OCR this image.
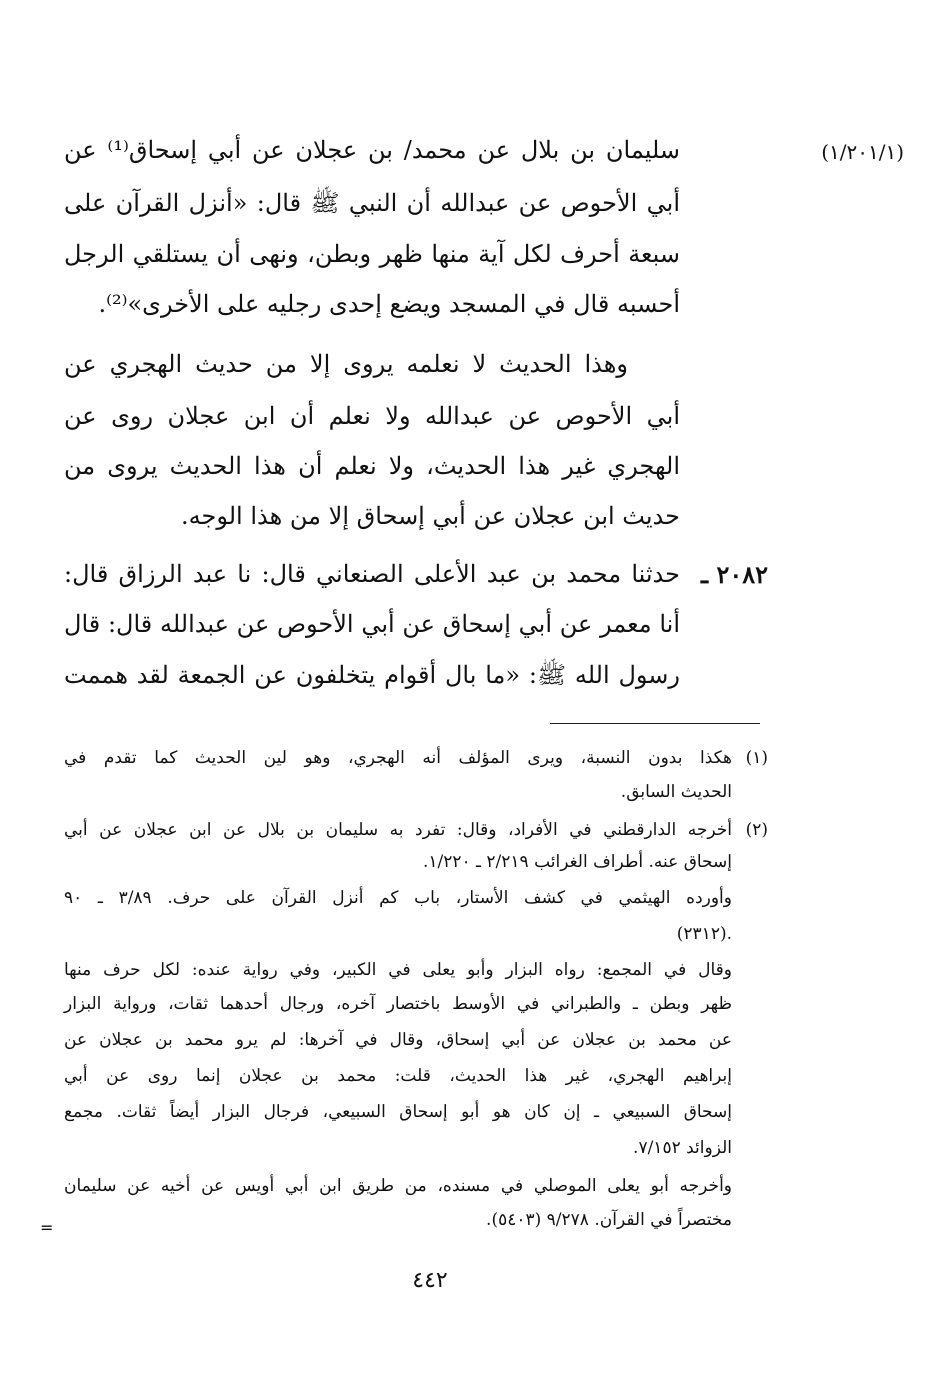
(١/٢٠١/١)
سليمان بن بلال عن محمد/ بن عجلان عن أبي إسحاق⁽¹⁾ عن
أبي الأحوص عن عبدالله أن النبي ﷺ قال: «أنزل القرآن على
سبعة أحرف لكل آية منها ظهر وبطن، ونهى أن يستلقي الرجل
أحسبه قال في المسجد ويضع إحدى رجليه على الأخرى»⁽²⁾.
وهذا الحديث لا نعلمه يروى إلا من حديث الهجري عن
أبي الأحوص عن عبدالله ولا نعلم أن ابن عجلان روى عن
الهجري غير هذا الحديث، ولا نعلم أن هذا الحديث يروى من
حديث ابن عجلان عن أبي إسحاق إلا من هذا الوجه.
٢٠٨٢ ـ
حدثنا محمد بن عبد الأعلى الصنعاني قال: نا عبد الرزاق قال:
أنا معمر عن أبي إسحاق عن أبي الأحوص عن عبدالله قال: قال
رسول الله ﷺ: «ما بال أقوام يتخلفون عن الجمعة لقد هممت
(١)
هكذا بدون النسبة، ويرى المؤلف أنه الهجري، وهو لين الحديث كما تقدم في
الحديث السابق.
(٢)
أخرجه الدارقطني في الأفراد، وقال: تفرد به سليمان بن بلال عن ابن عجلان عن أبي
إسحاق عنه. أطراف الغرائب ٢/٢١٩ ـ ١/٢٢٠.
وأورده الهيثمي في كشف الأستار، باب كم أنزل القرآن على حرف. ٣/٨٩ ـ ٩٠
(٢٣١٢).
وقال في المجمع: رواه البزار وأبو يعلى في الكبير، وفي رواية عنده: لكل حرف منها
ظهر وبطن ـ والطبراني في الأوسط باختصار آخره، ورجال أحدهما ثقات، ورواية البزار
عن محمد بن عجلان عن أبي إسحاق، وقال في آخرها: لم يرو محمد بن عجلان عن
إبراهيم الهجري، غير هذا الحديث، قلت: محمد بن عجلان إنما روى عن أبي
إسحاق السبيعي ـ إن كان هو أبو إسحاق السبيعي، فرجال البزار أيضاً ثقات. مجمع
الزوائد ٧/١٥٢.
وأخرجه أبو يعلى الموصلي في مسنده، من طريق ابن أبي أويس عن أخيه عن سليمان
مختصراً في القرآن. ٩/٢٧٨ (٥٤٠٣).
=
٤٤٢
